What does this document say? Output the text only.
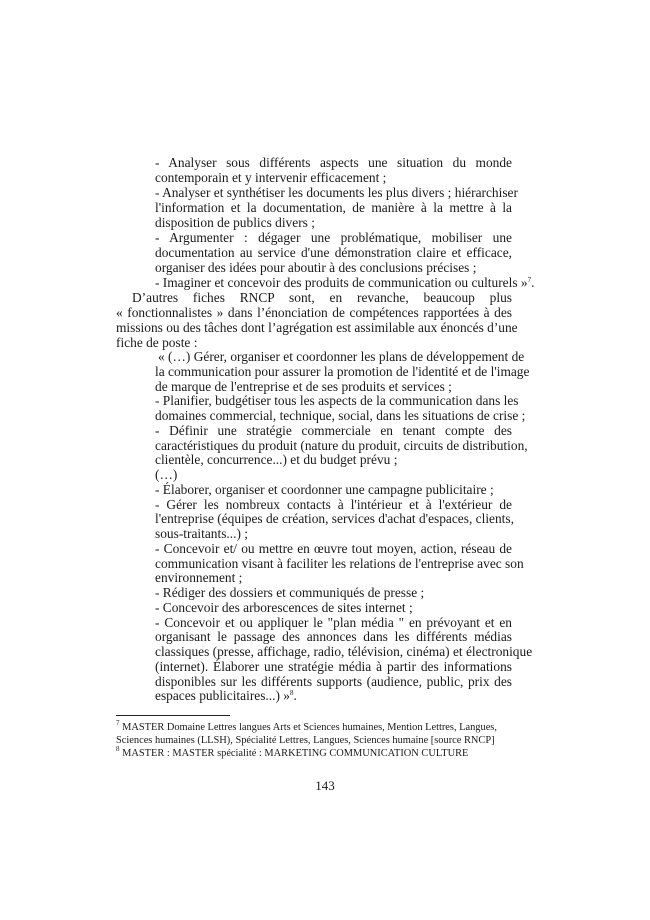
- Analyser sous différents aspects une situation du monde
contemporain et y intervenir efficacement ;
- Analyser et synthétiser les documents les plus divers ; hiérarchiser
l'information et la documentation, de manière à la mettre à la
disposition de publics divers ;
- Argumenter : dégager une problématique, mobiliser une
documentation au service d'une démonstration claire et efficace,
organiser des idées pour aboutir à des conclusions précises ;
- Imaginer et concevoir des produits de communication ou culturels »$^7$.
D’autres fiches RNCP sont, en revanche, beaucoup plus
« fonctionnalistes » dans l’énonciation de compétences rapportées à des
missions ou des tâches dont l’agrégation est assimilable aux énoncés d’une
fiche de poste :
« (…) Gérer, organiser et coordonner les plans de développement de
la communication pour assurer la promotion de l'identité et de l'image
de marque de l'entreprise et de ses produits et services ;
- Planifier, budgétiser tous les aspects de la communication dans les
domaines commercial, technique, social, dans les situations de crise ;
- Définir une stratégie commerciale en tenant compte des
caractéristiques du produit (nature du produit, circuits de distribution,
clientèle, concurrence...) et du budget prévu ;
(…)
- Élaborer, organiser et coordonner une campagne publicitaire ;
- Gérer les nombreux contacts à l'intérieur et à l'extérieur de
l'entreprise (équipes de création, services d'achat d'espaces, clients,
sous-traitants...) ;
- Concevoir et/ ou mettre en œuvre tout moyen, action, réseau de
communication visant à faciliter les relations de l'entreprise avec son
environnement ;
- Rédiger des dossiers et communiqués de presse ;
- Concevoir des arborescences de sites internet ;
- Concevoir et ou appliquer le "plan média " en prévoyant et en
organisant le passage des annonces dans les différents médias
classiques (presse, affichage, radio, télévision, cinéma) et électronique
(internet). Élaborer une stratégie média à partir des informations
disponibles sur les différents supports (audience, public, prix des
espaces publicitaires...) »$^8$.
$^7$ MASTER Domaine Lettres langues Arts et Sciences humaines, Mention Lettres, Langues,
Sciences humaines (LLSH), Spécialité Lettres, Langues, Sciences humaine [source RNCP]
$^8$ MASTER : MASTER spécialité : MARKETING COMMUNICATION CULTURE
143
